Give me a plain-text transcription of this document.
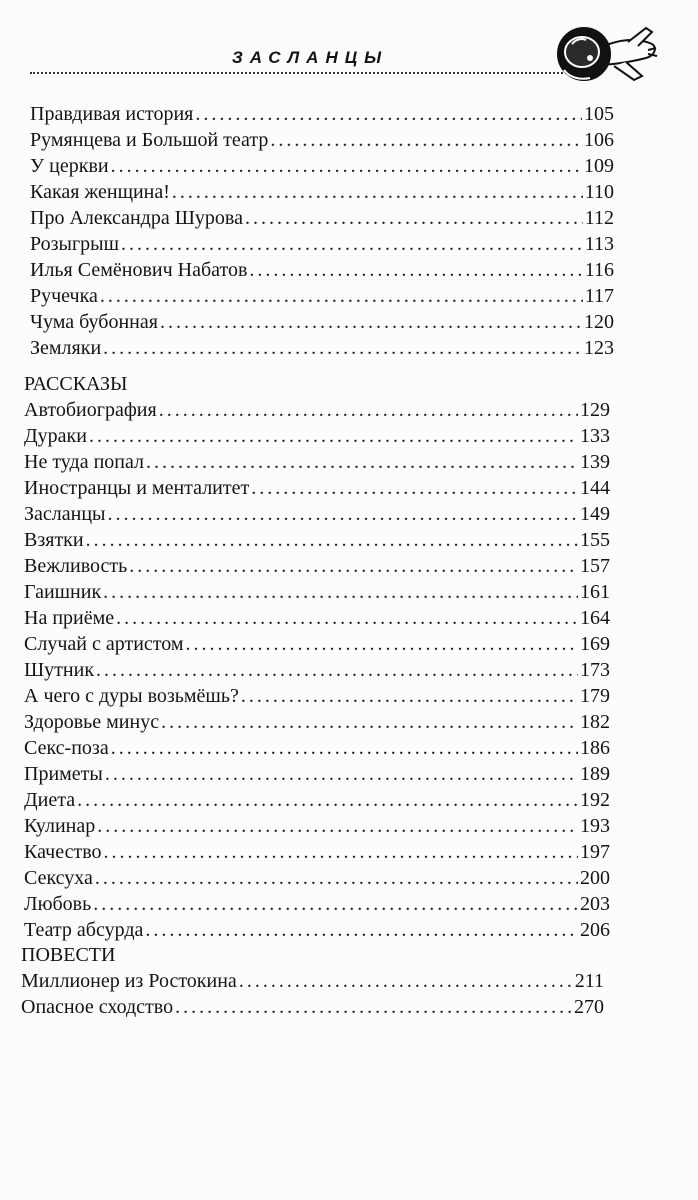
ЗАСЛАНЦЫ
Правдивая история . . .	105
Румянцева и Большой театр . . .	106
У церкви . . .	109
Какая женщина! . . .	110
Про Александра Шурова . . .	112
Розыгрыш . . .	113
Илья Семёнович Набатов . . .	116
Ручечка . . .	117
Чума бубонная . . .	120
Земляки . . .	123
РАССКАЗЫ
Автобиография . . .	129
Дураки . . .	133
Не туда попал . . .	139
Иностранцы и менталитет . . .	144
Засланцы . . .	149
Взятки . . .	155
Вежливость . . .	157
Гаишник . . .	161
На приёме . . .	164
Случай с артистом . . .	169
Шутник . . .	173
А чего с дуры возьмёшь? . . .	179
Здоровье минус . . .	182
Секс-поза . . .	186
Приметы . . .	189
Диета . . .	192
Кулинар . . .	193
Качество . . .	197
Сексуха . . .	200
Любовь . . .	203
Театр абсурда . . .	206
ПОВЕСТИ
Миллионер из Ростокина . . .	211
Опасное сходство . . .	270
